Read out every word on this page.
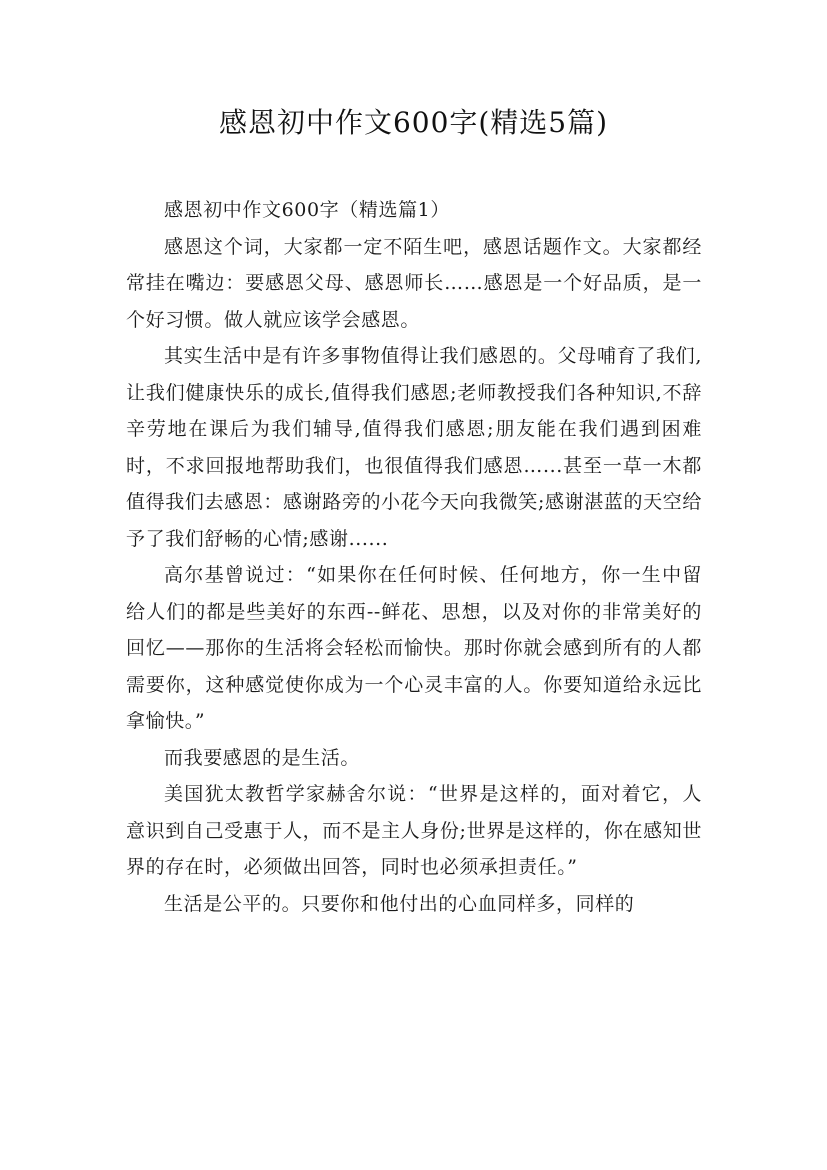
感恩初中作文600字(精选5篇)

感恩初中作文600字（精选篇1）

感恩这个词，大家都一定不陌生吧，感恩话题作文。大家都经常挂在嘴边：要感恩父母、感恩师长……感恩是一个好品质，是一个好习惯。做人就应该学会感恩。

其实生活中是有许多事物值得让我们感恩的。父母哺育了我们,让我们健康快乐的成长,值得我们感恩;老师教授我们各种知识,不辞辛劳地在课后为我们辅导,值得我们感恩;朋友能在我们遇到困难时，不求回报地帮助我们，也很值得我们感恩…...甚至一草一木都值得我们去感恩：感谢路旁的小花今天向我微笑;感谢湛蓝的天空给予了我们舒畅的心情;感谢......

高尔基曾说过：“如果你在任何时候、任何地方，你一生中留给人们的都是些美好的东西--鲜花、思想，以及对你的非常美好的回忆——那你的生活将会轻松而愉快。那时你就会感到所有的人都需要你，这种感觉使你成为一个心灵丰富的人。你要知道给永远比拿愉快。”

而我要感恩的是生活。

美国犹太教哲学家赫舍尔说：“世界是这样的，面对着它，人意识到自己受惠于人，而不是主人身份;世界是这样的，你在感知世界的存在时，必须做出回答，同时也必须承担责任。”

生活是公平的。只要你和他付出的心血同样多，同样的
